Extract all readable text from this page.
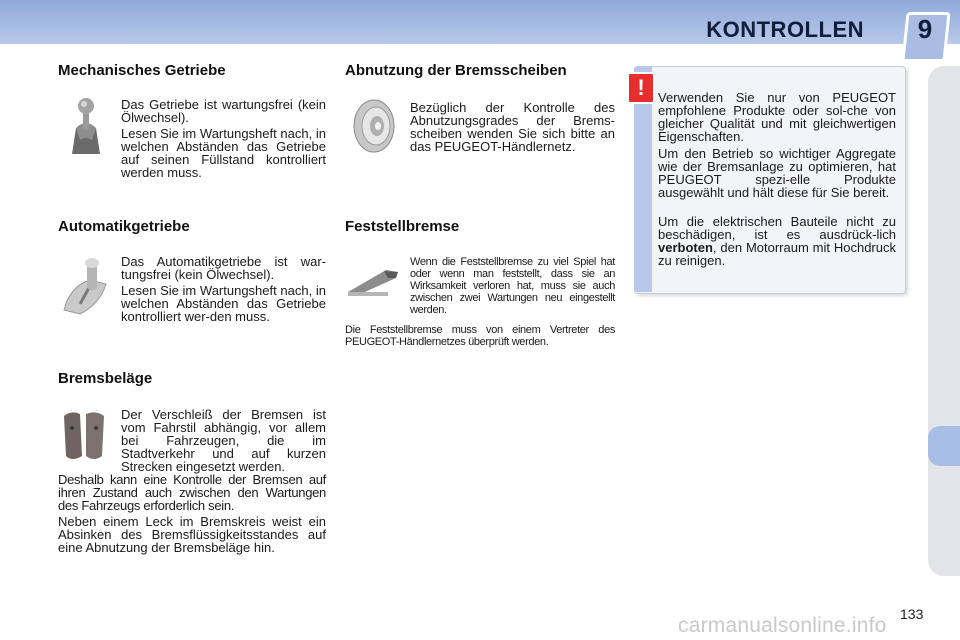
KONTROLLEN 9
Mechanisches Getriebe

Das Getriebe ist wartungsfrei (kein Ölwechsel).

Lesen Sie im Wartungsheft nach, in welchen Abständen das Getriebe auf seinen Füllstand kontrolliert werden muss.

Automatikgetriebe

Das Automatikgetriebe ist war-tungsfrei (kein Ölwechsel).

Lesen Sie im Wartungsheft nach, in welchen Abständen das Getriebe kontrolliert wer-den muss.

Bremsbeläge

Der Verschleiß der Bremsen ist vom Fahrstil abhängig, vor allem bei Fahrzeugen, die im Stadtverkehr und auf kurzen Strecken eingesetzt werden.

Deshalb kann eine Kontrolle der Bremsen auf ihren Zustand auch zwischen den Wartungen des Fahrzeugs erforderlich sein.

Neben einem Leck im Bremskreis weist ein Absinken des Bremsflüssigkeitsstandes auf eine Abnutzung der Bremsbeläge hin.

Abnutzung der Bremsscheiben

Bezüglich der Kontrolle des Abnutzungsgrades der Brems-scheiben wenden Sie sich bitte an das PEUGEOT-Händlernetz.

Feststellbremse

Wenn die Feststellbremse zu viel Spiel hat oder wenn man feststellt, dass sie an Wirksamkeit verloren hat, muss sie auch zwischen zwei Wartungen neu eingestellt werden.

Die Feststellbremse muss von einem Vertreter des PEUGEOT-Händlernetzes überprüft werden.

!	Verwenden Sie nur von PEUGEOT empfohlene Produkte oder sol-che von gleicher Qualität und mit gleichwertigen Eigenschaften.

Um den Betrieb so wichtiger Aggregate wie der Bremsanlage zu optimieren, hat PEUGEOT spezi-elle Produkte ausgewählt und hält diese für Sie bereit.

Um die elektrischen Bauteile nicht zu beschädigen, ist es ausdrück-lich verboten, den Motorraum mit Hochdruck zu reinigen.

carmanualsonline.info 133
